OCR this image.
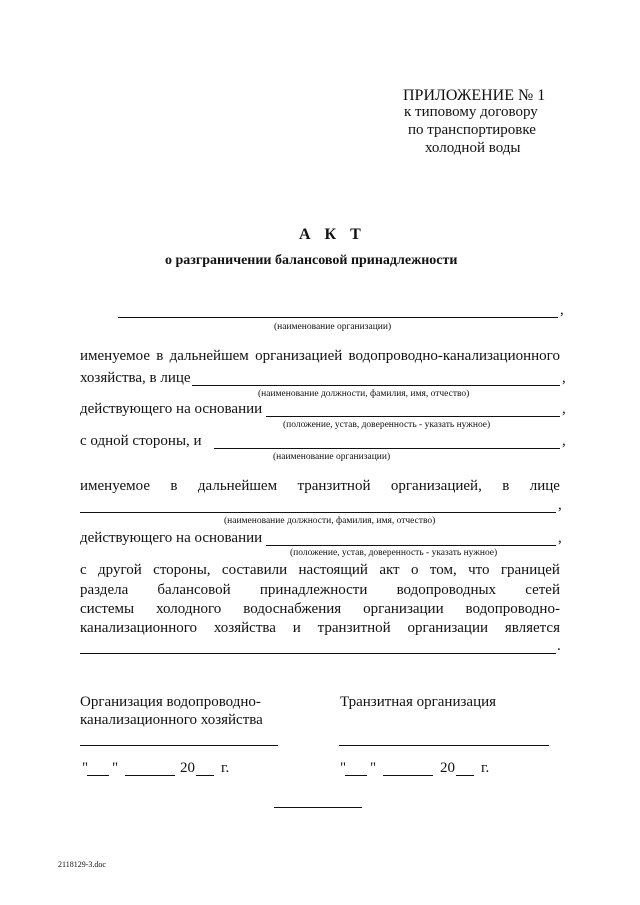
ПРИЛОЖЕНИЕ № 1
к типовому договору
по транспортировке
холодной воды
А К Т
о разграничении балансовой принадлежности
,
(наименование организации)
именуемое в дальнейшем организацией водопроводно-канализационного
хозяйства, в лице	,
(наименование должности, фамилия, имя, отчество)
действующего на основании	,
(положение, устав, доверенность - указать нужное)
с одной стороны, и	,
(наименование организации)
именуемое в дальнейшем транзитной организацией, в лице
,
(наименование должности, фамилия, имя, отчество)
действующего на основании	,
(положение, устав, доверенность - указать нужное)
с другой стороны, составили настоящий акт о том, что границей
раздела балансовой принадлежности водопроводных сетей
системы холодного водоснабжения организации водопроводно-
канализационного хозяйства и транзитной организации является
.
Организация водопроводно-
канализационного хозяйства
Транзитная организация
" "	20 г.	" "	20 г.
2118129-3.doc
